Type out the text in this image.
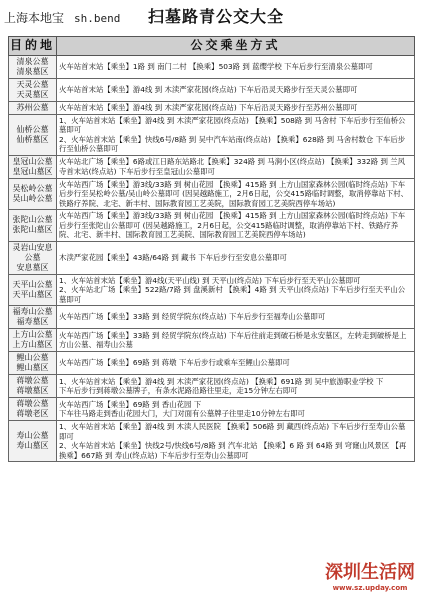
上海本地宝 sh.bend 扫墓路青公交大全
目的地	公交乘坐方式
清泉公墓
清泉墓区	火车站首末站【乘坐】1路 到 南门二村 【换乘】503路 到 蓝缨学校 下车后步行至清泉公墓即可
天灵公墓
天灵墓区	火车站首末站【乘坐】游4线 到 木渎严家花园(终点站) 下车后沿灵天路步行至天灵公墓即可
苏州公墓	火车站首末站【乘坐】游4线 到 木渎严家花园(终点站) 下车后沿灵天路步行至苏州公墓即可
仙桥公墓
仙桥墓区	1、火车站首末站【乘坐】游4线 到 木渎严家花园(终点站) 【换乘】508路 到 马舍村 下车后步行至仙桥公墓即可
2、火车站首末站【乘坐】快线6号/8路 到 吴中汽车站南(终点站) 【换乘】628路 到 马舍村数仓 下车后步行至仙桥公墓即可
皇冠山公墓
皇冠山墓区	火车站北广场【乘坐】6路或江日路东站路北【换乘】324路 到 马涧小区(终点站) 【换乘】332路 到 兰风寺首末站(终点站) 下车后步行至皇冠山公墓即可
吴松岭公墓
吴山岭公墓	火车站西广场【乘坐】游3线/33路 到 树山花园 【换乘】415路 到 上方山国家森林公园(临时终点站) 下车后步行至吴松岭公墓/吴山岭公墓即可 (因吴越路施工，2月6日起，公交415路临时调整，取消停靠站下村、铁路疗养院、北宅、新丰村、国际教育园工艺美院，国际教育园工艺美院西停车场站)
张陀山公墓
张陀山墓区	火车站西广场【乘坐】游3线/33路 到 树山花园 【换乘】415路 到 上方山国家森林公园(临时终点站) 下车后步行至张陀山公墓即可 (因吴越路施工，2月6日起，公交415路临时调整，取消停靠站下村、铁路疗养院、北宅、新丰村、国际教育园工艺美院、国际教育园工艺美院西停车场站)
灵岩山安息公墓
安息墓区	木渎严家花园【乘坐】43路/64路 到 藏书 下车后步行至安息公墓即可
天平山公墓
天平山墓区	1、火车站首末站【乘坐】游4线(天平山线) 到 天平山(终点站) 下车后步行至天平山公墓即可
2、火车站北广场【乘坐】522路/7路 到 盘溪新村 【换乘】4路 到 天平山(终点站) 下车后步行至天平山公墓即可
福寿山公墓
福寿墓区	火车站西广场【乘坐】33路 到 经贸学院东(终点站) 下车后步行至福寿山公墓即可
上方山公墓
上方山墓区	火车站西广场【乘坐】33路 到 经贸学院东(终点站) 下车后往前走到破石桥是永安墓区，左转走到破桥是上方山公墓、福寿山公墓
鲤山公墓
鲤山墓区	火车站西广场【乘坐】69路 到 蒋墩 下车后步行或乘车至鲤山公墓即可
蒋墩公墓
蒋墩墓区	1、火车站首末站【乘坐】游4线 到 木渎严家花园(终点站) 【换乘】691路 到 吴中旅游职业学校 下
下车后步行到蒋墩公墓牌子，有条水泥路沿路往里走，走15分钟左右即可
蒋墩公墓
蒋墩老区	火车站西广场【乘坐】69路 到 香山花园 下
下车往马路走到香山花园大门，大门对面有公墓牌子往里走10分钟左右即可
寿山公墓
寿山墓区	1、火车站首末站【乘坐】游4线 到 木渎人民医院 【换乘】506路 到 藏西(终点站) 下车后步行至寿山公墓即可
2、火车站首末站【乘坐】快线2号/快线6号/8路 到 汽车北站 【换乘】6 路 到 64路 到 穹窿山风景区 【再换乘】667路 到 寿山(终点站) 下车后步行至寿山公墓即可
深圳生活网
www.sz.upday.com
